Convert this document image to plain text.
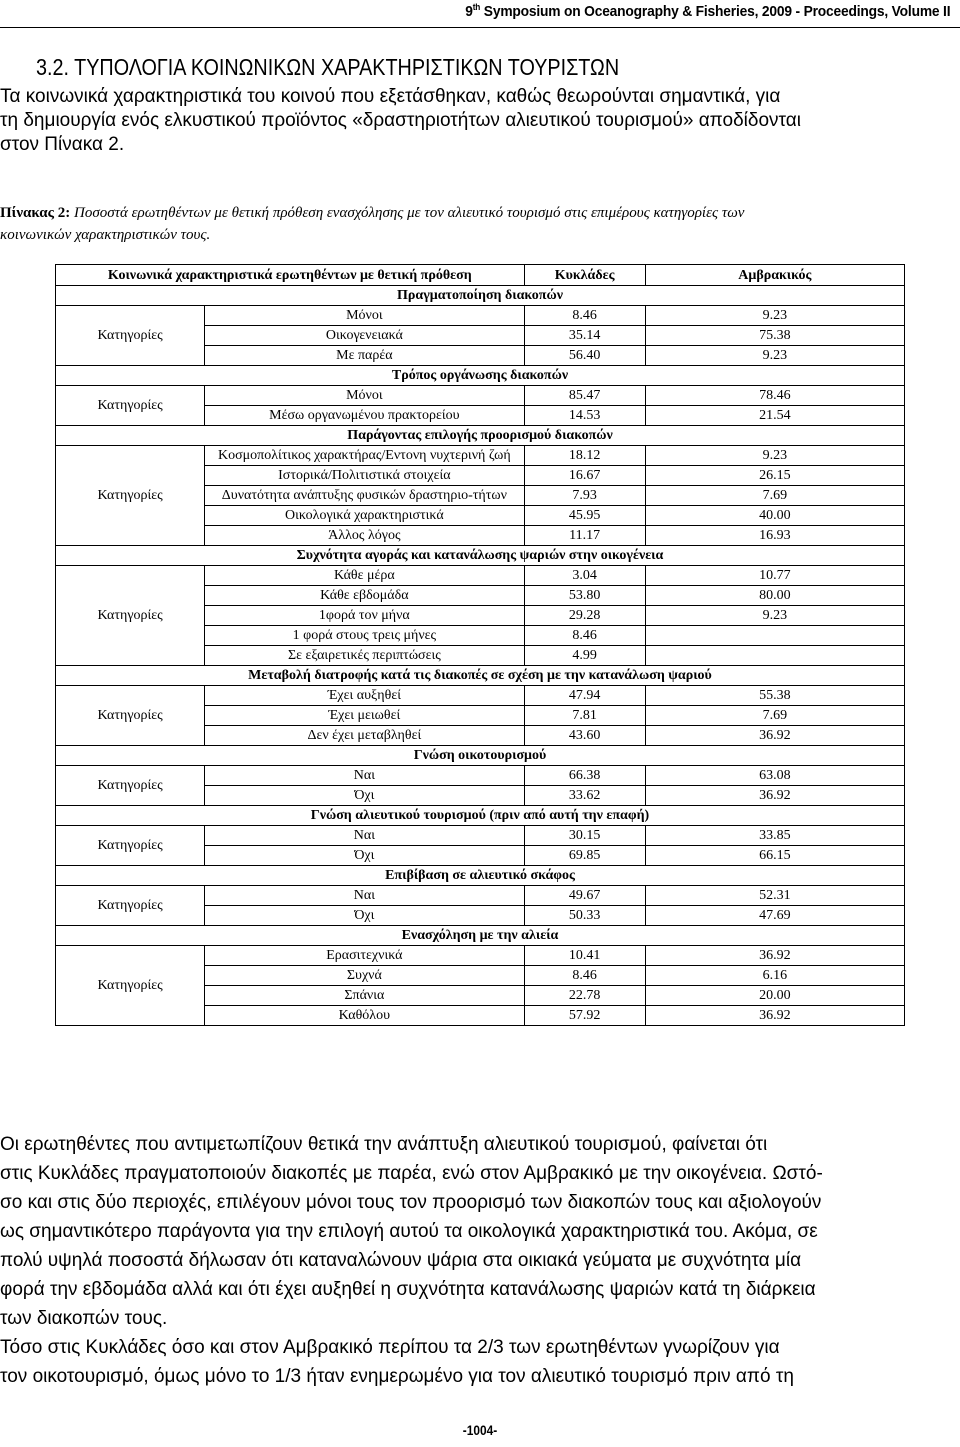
9th Symposium on Oceanography & Fisheries, 2009 - Proceedings, Volume II
3.2. ΤΥΠΟΛΟΓΙΑ ΚΟΙΝΩΝΙΚΩΝ ΧΑΡΑΚΤΗΡΙΣΤΙΚΩΝ ΤΟΥΡΙΣΤΩΝ
Τα κοινωνικά χαρακτηριστικά του κοινού που εξετάσθηκαν, καθώς θεωρούνται σημαντικά, για
τη δημιουργία ενός ελκυστικού προϊόντος «δραστηριοτήτων αλιευτικού τουρισμού» αποδίδονται
στον Πίνακα 2.
Πίνακας 2: Ποσοστά ερωτηθέντων με θετική πρόθεση ενασχόλησης με τον αλιευτικό τουρισμό στις επιμέρους κατηγορίες των
κοινωνικών χαρακτηριστικών τους.
Κοινωνικά χαρακτηριστικά ερωτηθέντων με θετική πρόθεση		Κυκλάδες	Αμβρακικός
Πραγματοποίηση διακοπών			
Κατηγορίες	Μόνοι	8.46	9.23
	Οικογενειακά	35.14	75.38
	Με παρέα	56.40	9.23
Τρόπος οργάνωσης διακοπών			
Κατηγορίες	Μόνοι	85.47	78.46
	Μέσω οργανωμένου πρακτορείου	14.53	21.54
Παράγοντας επιλογής προορισμού διακοπών			
Κατηγορίες	Κοσμοπολίτικος χαρακτήρας/Εντονη νυχτερινή ζωή	18.12	9.23
	Ιστορικά/Πολιτιστικά στοιχεία	16.67	26.15
	Δυνατότητα ανάπτυξης φυσικών δραστηριο-τήτων	7.93	7.69
	Οικολογικά χαρακτηριστικά	45.95	40.00
	Άλλος λόγος	11.17	16.93
Συχνότητα αγοράς και κατανάλωσης ψαριών στην οικογένεια			
Κατηγορίες	Κάθε μέρα	3.04	10.77
	Κάθε εβδομάδα	53.80	80.00
	1φορά τον μήνα	29.28	9.23
	1 φορά στους τρεις μήνες	8.46	
	Σε εξαιρετικές περιπτώσεις	4.99	
Μεταβολή διατροφής κατά τις διακοπές σε σχέση με την κατανάλωση ψαριού			
Κατηγορίες	Έχει αυξηθεί	47.94	55.38
	Έχει μειωθεί	7.81	7.69
	Δεν έχει μεταβληθεί	43.60	36.92
Γνώση οικοτουρισμού			
Κατηγορίες	Ναι	66.38	63.08
	Όχι	33.62	36.92
Γνώση αλιευτικού τουρισμού (πριν από αυτή την επαφή)			
Κατηγορίες	Ναι	30.15	33.85
	Όχι	69.85	66.15
Επιβίβαση σε αλιευτικό σκάφος			
Κατηγορίες	Ναι	49.67	52.31
	Όχι	50.33	47.69
Ενασχόληση με την αλιεία			
Κατηγορίες	Ερασιτεχνικά	10.41	36.92
	Συχνά	8.46	6.16
	Σπάνια	22.78	20.00
	Καθόλου	57.92	36.92
Οι ερωτηθέντες που αντιμετωπίζουν θετικά την ανάπτυξη αλιευτικού τουρισμού, φαίνεται ότι
στις Κυκλάδες πραγματοποιούν διακοπές με παρέα, ενώ στον Αμβρακικό με την οικογένεια. Ωστό-
σο και στις δύο περιοχές, επιλέγουν μόνοι τους τον προορισμό των διακοπών τους και αξιολογούν
ως σημαντικότερο παράγοντα για την επιλογή αυτού τα οικολογικά χαρακτηριστικά του. Ακόμα, σε
πολύ υψηλά ποσοστά δήλωσαν ότι καταναλώνουν ψάρια στα οικιακά γεύματα με συχνότητα μία
φορά την εβδομάδα αλλά και ότι έχει αυξηθεί η συχνότητα κατανάλωσης ψαριών κατά τη διάρκεια
των διακοπών τους.
Τόσο στις Κυκλάδες όσο και στον Αμβρακικό περίπου τα 2/3 των ερωτηθέντων γνωρίζουν για
τον οικοτουρισμό, όμως μόνο το 1/3 ήταν ενημερωμένο για τον αλιευτικό τουρισμό πριν από τη
-1004-
